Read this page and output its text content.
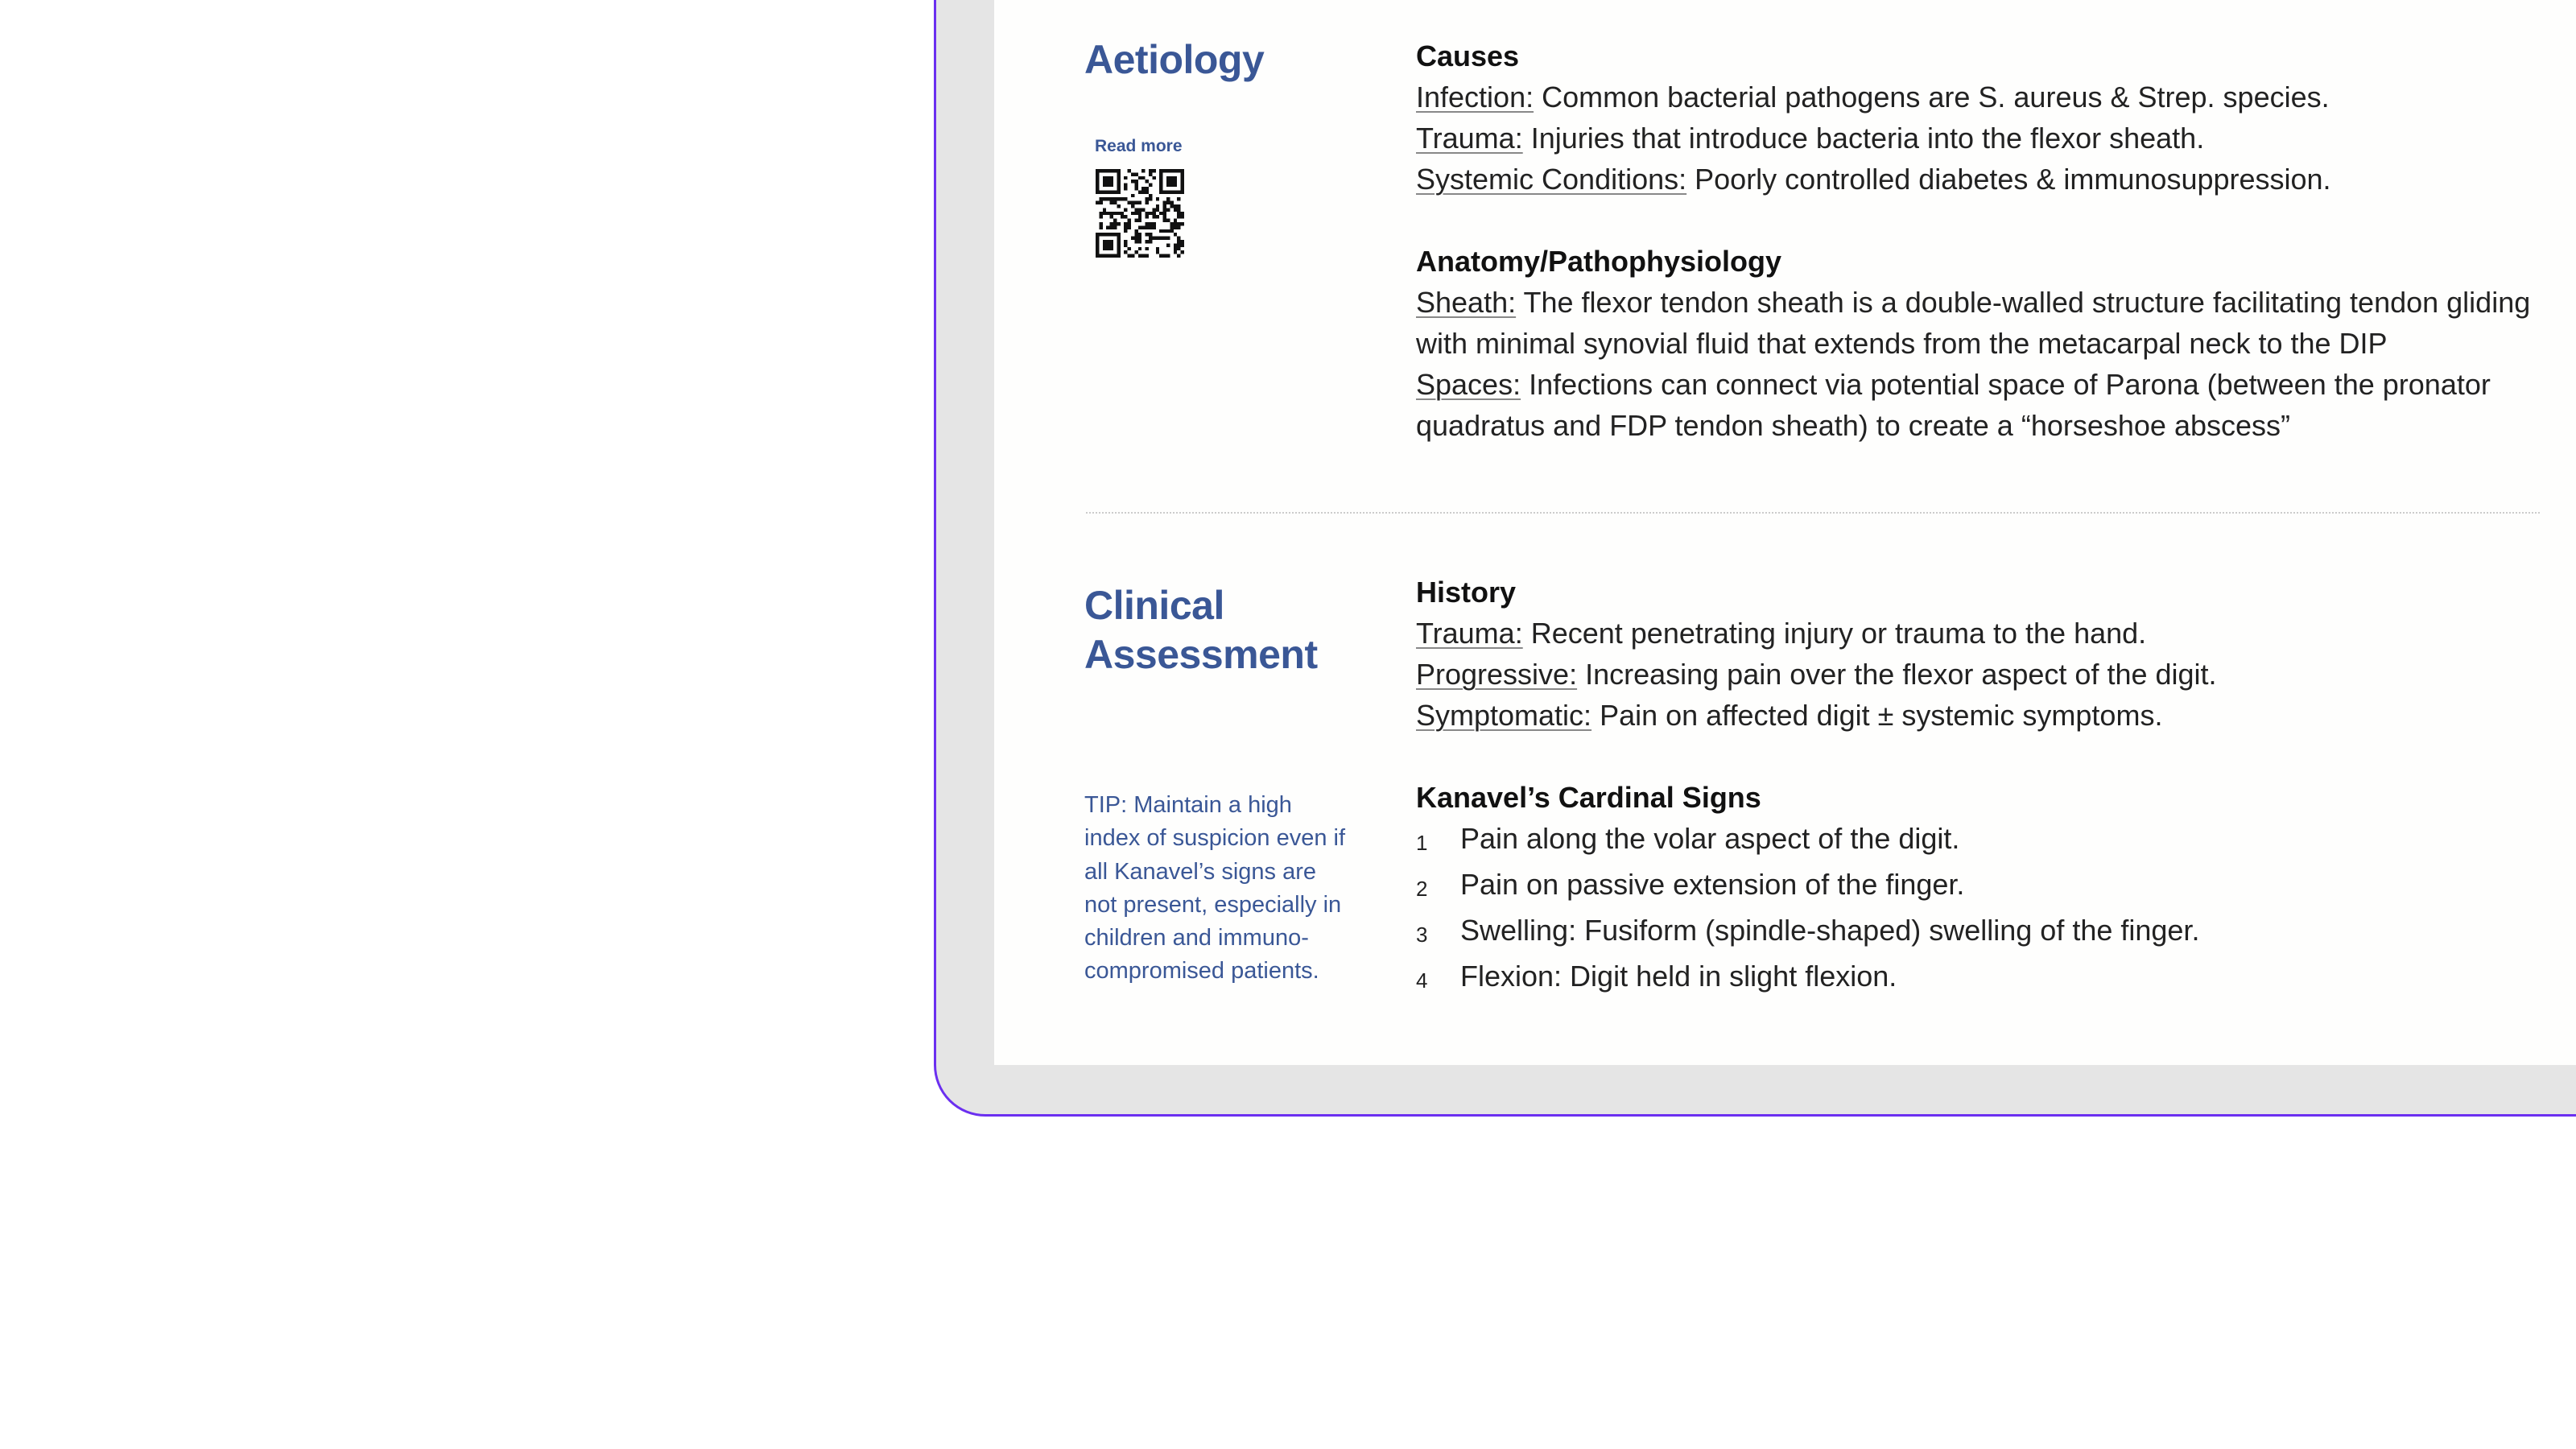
Aetiology
Read more
Causes

Infection: Common bacterial pathogens are S. aureus & Strep. species.

Trauma: Injuries that introduce bacteria into the flexor sheath.

Systemic Conditions: Poorly controlled diabetes & immunosuppression.

Anatomy/Pathophysiology

Sheath: The flexor tendon sheath is a double-walled structure facilitating tendon gliding with minimal synovial fluid that extends from the metacarpal neck to the DIP

Spaces: Infections can connect via potential space of Parona (between the pronator quadratus and FDP tendon sheath) to create a “horseshoe abscess”

Clinical
Assessment
TIP: Maintain a high index of suspicion even if all Kanavel’s signs are not present, especially in children and immuno-compromised patients.
History

Trauma: Recent penetrating injury or trauma to the hand.

Progressive: Increasing pain over the flexor aspect of the digit.

Symptomatic: Pain on affected digit ± systemic symptoms.

Kanavel’s Cardinal Signs
1	Pain along the volar aspect of the digit.
2	Pain on passive extension of the finger.
3	Swelling: Fusiform (spindle-shaped) swelling of the finger.
4	Flexion: Digit held in slight flexion.
